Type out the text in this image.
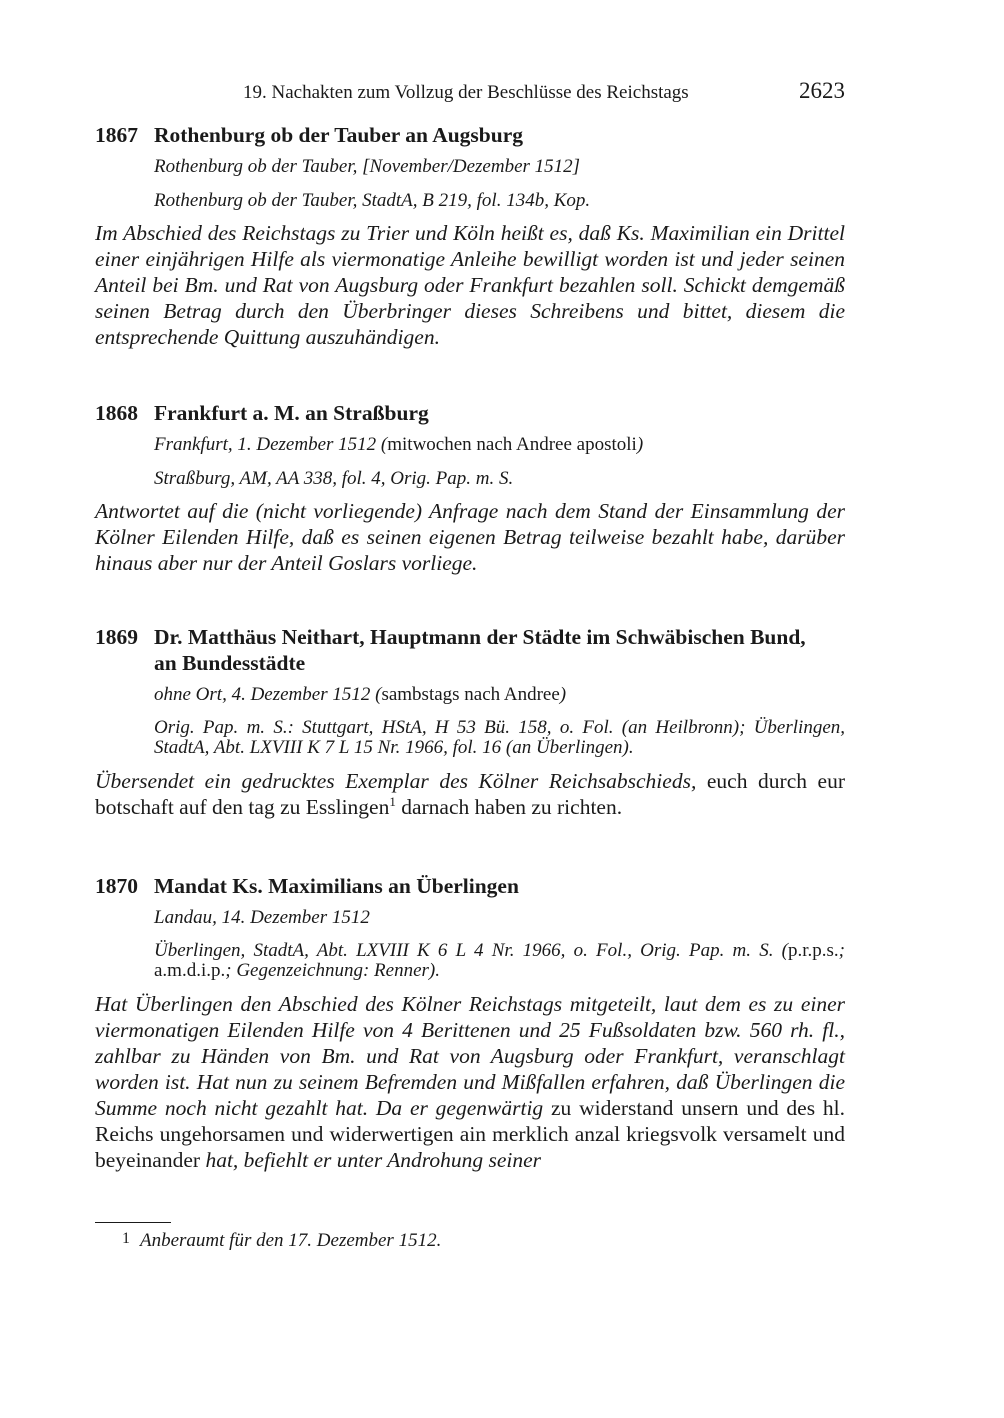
19. Nachakten zum Vollzug der Beschlüsse des Reichstags	2623
1867 Rothenburg ob der Tauber an Augsburg
Rothenburg ob der Tauber, [November/Dezember 1512]
Rothenburg ob der Tauber, StadtA, B 219, fol. 134b, Kop.
Im Abschied des Reichstags zu Trier und Köln heißt es, daß Ks. Maximilian ein Drittel einer einjährigen Hilfe als viermonatige Anleihe bewilligt worden ist und jeder seinen Anteil bei Bm. und Rat von Augsburg oder Frankfurt bezahlen soll. Schickt demgemäß seinen Betrag durch den Überbringer dieses Schreibens und bittet, diesem die entsprechende Quittung auszuhändigen.
1868 Frankfurt a. M. an Straßburg
Frankfurt, 1. Dezember 1512 (mitwochen nach Andree apostoli)
Straßburg, AM, AA 338, fol. 4, Orig. Pap. m. S.
Antwortet auf die (nicht vorliegende) Anfrage nach dem Stand der Einsammlung der Kölner Eilenden Hilfe, daß es seinen eigenen Betrag teilweise bezahlt habe, darüber hinaus aber nur der Anteil Goslars vorliege.
1869 Dr. Matthäus Neithart, Hauptmann der Städte im Schwäbischen Bund,
an Bundesstädte
ohne Ort, 4. Dezember 1512 (sambstags nach Andree)
Orig. Pap. m. S.: Stuttgart, HStA, H 53 Bü. 158, o. Fol. (an Heilbronn); Überlingen, StadtA, Abt. LXVIII K 7 L 15 Nr. 1966, fol. 16 (an Überlingen).
Übersendet ein gedrucktes Exemplar des Kölner Reichsabschieds, euch durch eur botschaft auf den tag zu Esslingen$^1$ darnach haben zu richten.
1870 Mandat Ks. Maximilians an Überlingen
Landau, 14. Dezember 1512
Überlingen, StadtA, Abt. LXVIII K 6 L 4 Nr. 1966, o. Fol., Orig. Pap. m. S. (p.r.p.s.; a.m.d.i.p.; Gegenzeichnung: Renner).
Hat Überlingen den Abschied des Kölner Reichstags mitgeteilt, laut dem es zu einer viermonatigen Eilenden Hilfe von 4 Berittenen und 25 Fußsoldaten bzw. 560 rh. fl., zahlbar zu Händen von Bm. und Rat von Augsburg oder Frankfurt, veranschlagt worden ist. Hat nun zu seinem Befremden und Mißfallen erfahren, daß Überlingen die Summe noch nicht gezahlt hat. Da er gegenwärtig zu widerstand unsern und des hl. Reichs ungehorsamen und widerwertigen ain merklich anzal kriegsvolk versamelt und beyeinander hat, befiehlt er unter Androhung seiner
1 Anberaumt für den 17. Dezember 1512.
